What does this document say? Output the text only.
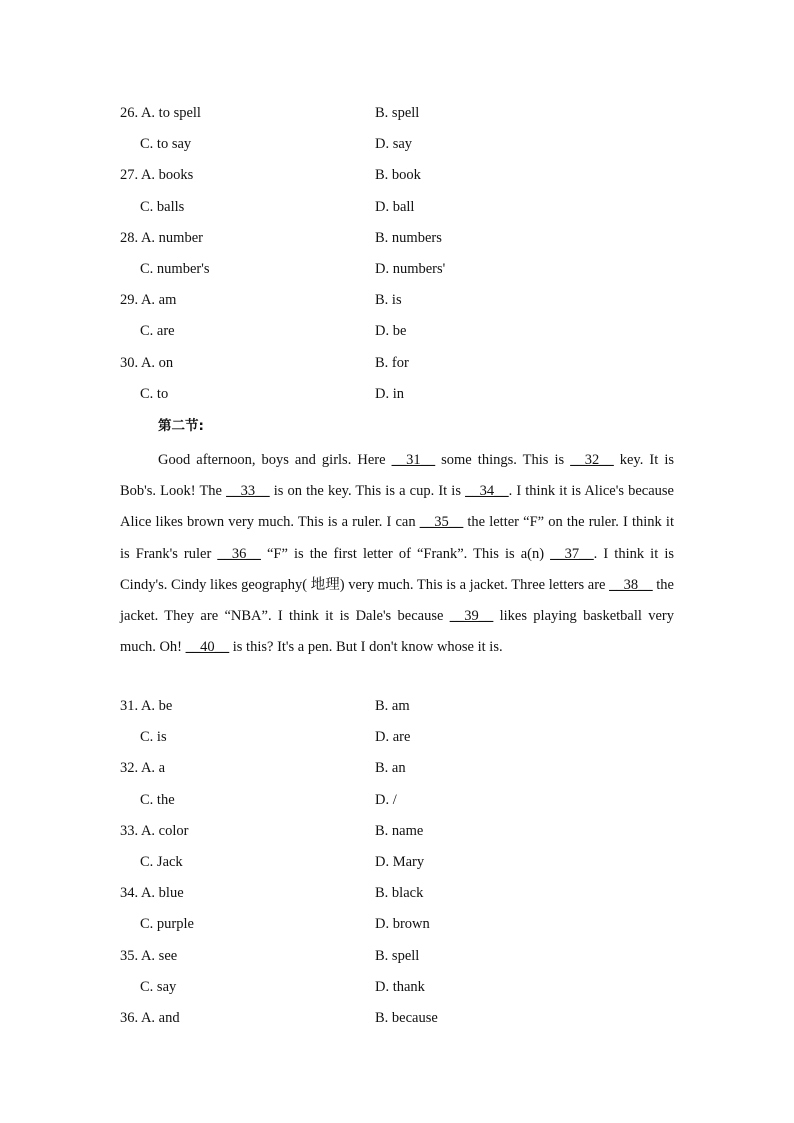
26. A. to spell	B. spell
C. to say	D. say
27. A. books	B. book
C. balls	D. ball
28. A. number	B. numbers
C. number's	D. numbers'
29. A. am	B. is
C. are	D. be
30. A. on	B. for
C. to	D. in
第二节:
Good afternoon, boys and girls. Here __31__ some things. This is __32__ key. It is Bob's. Look! The __33__ is on the key. This is a cup. It is __34__. I think it is Alice's because Alice likes brown very much. This is a ruler. I can __35__ the letter “F” on the ruler. I think it is Frank's ruler __36__ “F” is the first letter of “Frank”. This is a(n) __37__. I think it is Cindy's. Cindy likes geography( 地理) very much. This is a jacket. Three letters are __38__ the jacket. They are “NBA”. I think it is Dale's because __39__ likes playing basketball very much. Oh! __40__ is this? It's a pen. But I don't know whose it is.
31. A. be	B. am
C. is	D. are
32. A. a	B. an
C. the	D. /
33. A. color	B. name
C. Jack	D. Mary
34. A. blue	B. black
C. purple	D. brown
35. A. see	B. spell
C. say	D. thank
36. A. and	B. because
